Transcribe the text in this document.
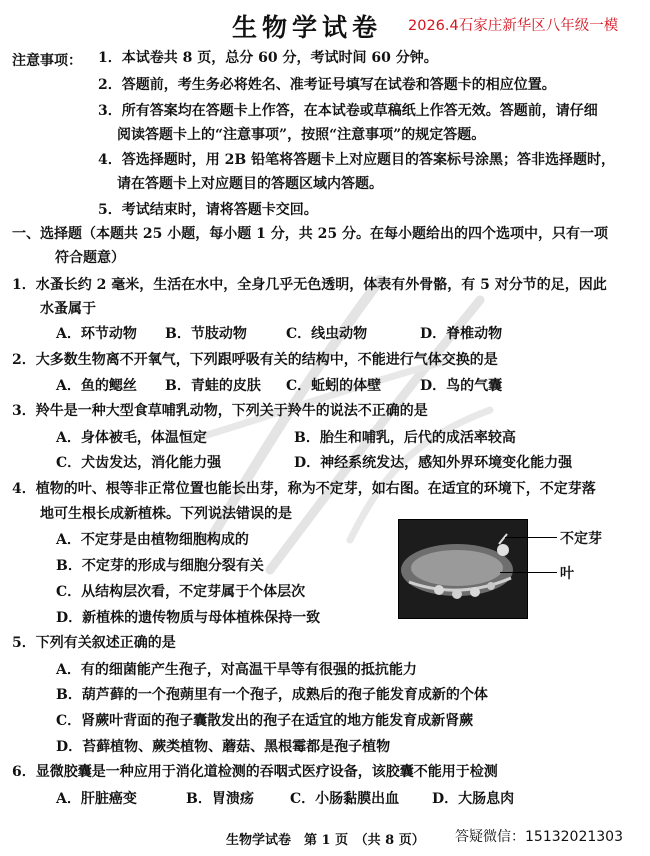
生物学试卷 2026.4石家庄新华区八年级一模
注意事项： 1．本试卷共 8 页，总分 60 分，考试时间 60 分钟。
2．答题前，考生务必将姓名、准考证号填写在试卷和答题卡的相应位置。
3．所有答案均在答题卡上作答，在本试卷或草稿纸上作答无效。答题前，请仔细
阅读答题卡上的“注意事项”，按照“注意事项”的规定答题。
4．答选择题时，用 2B 铅笔将答题卡上对应题目的答案标号涂黑；答非选择题时，
请在答题卡上对应题目的答题区域内答题。
5．考试结束时，请将答题卡交回。
一、选择题（本题共 25 小题，每小题 1 分，共 25 分。在每小题给出的四个选项中，只有一项
符合题意）
1．水蚤长约 2 毫米，生活在水中，全身几乎无色透明，体表有外骨骼，有 5 对分节的足，因此
水蚤属于
A．环节动物 B．节肢动物	C．线虫动物	D．脊椎动物
2．大多数生物离不开氧气，下列跟呼吸有关的结构中，不能进行气体交换的是
A．鱼的鳃丝 B．青蛙的皮肤 C．蚯蚓的体壁	D．鸟的气囊
3．羚牛是一种大型食草哺乳动物，下列关于羚牛的说法不正确的是
A．身体被毛，体温恒定	B．胎生和哺乳，后代的成活率较高
C．犬齿发达，消化能力强	D．神经系统发达，感知外界环境变化能力强
4．植物的叶、根等非正常位置也能长出芽，称为不定芽，如右图。在适宜的环境下，不定芽落
地可生根长成新植株。下列说法错误的是
A．不定芽是由植物细胞构成的
B．不定芽的形成与细胞分裂有关
C．从结构层次看，不定芽属于个体层次
D．新植株的遗传物质与母体植株保持一致
不定芽
叶
5．下列有关叙述正确的是
A．有的细菌能产生孢子，对高温干旱等有很强的抵抗能力
B．葫芦藓的一个孢蒴里有一个孢子，成熟后的孢子能发育成新的个体
C．肾蕨叶背面的孢子囊散发出的孢子在适宜的地方能发育成新肾蕨
D．苔藓植物、蕨类植物、蘑菇、黑根霉都是孢子植物
6．显微胶囊是一种应用于消化道检测的吞咽式医疗设备，该胶囊不能用于检测
A．肝脏癌变	B．胃溃疡	C．小肠黏膜出血 D．大肠息肉
生物学试卷　第 1 页　（共 8 页） 答疑微信：15132021303
